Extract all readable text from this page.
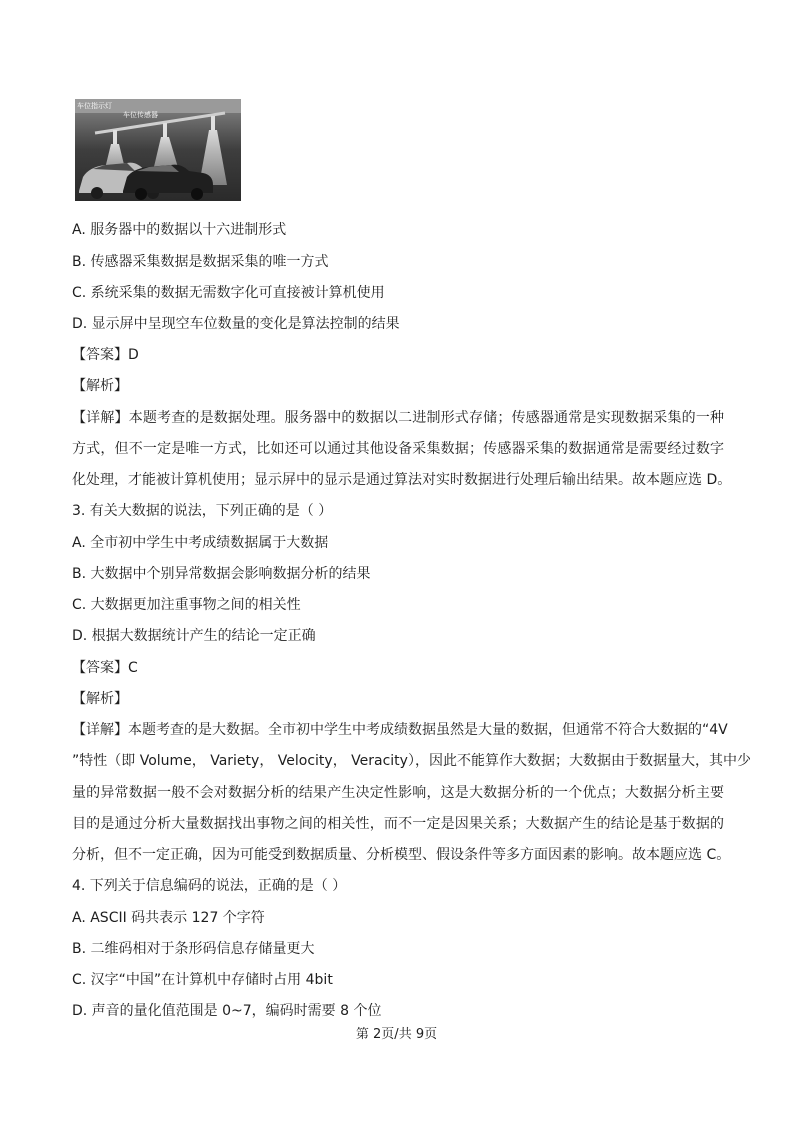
车位指示灯
车位传感器
A. 服务器中的数据以十六进制形式
B. 传感器采集数据是数据采集的唯一方式
C. 系统采集的数据无需数字化可直接被计算机使用
D. 显示屏中呈现空车位数量的变化是算法控制的结果
【答案】D
【解析】
【详解】本题考查的是数据处理。服务器中的数据以二进制形式存储；传感器通常是实现数据采集的一种
方式，但不一定是唯一方式，比如还可以通过其他设备采集数据；传感器采集的数据通常是需要经过数字
化处理，才能被计算机使用；显示屏中的显示是通过算法对实时数据进行处理后输出结果。故本题应选 D。
3. 有关大数据的说法，下列正确的是（ ）
A. 全市初中学生中考成绩数据属于大数据
B. 大数据中个别异常数据会影响数据分析的结果
C. 大数据更加注重事物之间的相关性
D. 根据大数据统计产生的结论一定正确
【答案】C
【解析】
【详解】本题考查的是大数据。全市初中学生中考成绩数据虽然是大量的数据，但通常不符合大数据的“4V
”特性（即 Volume， Variety， Velocity， Veracity），因此不能算作大数据；大数据由于数据量大，其中少
量的异常数据一般不会对数据分析的结果产生决定性影响，这是大数据分析的一个优点；大数据分析主要
目的是通过分析大量数据找出事物之间的相关性，而不一定是因果关系；大数据产生的结论是基于数据的
分析，但不一定正确，因为可能受到数据质量、分析模型、假设条件等多方面因素的影响。故本题应选 C。
4. 下列关于信息编码的说法，正确的是（ ）
A. ASCII 码共表示 127 个字符
B. 二维码相对于条形码信息存储量更大
C. 汉字“中国”在计算机中存储时占用 4bit
D. 声音的量化值范围是 0~7，编码时需要 8 个位
第 2页/共 9页
